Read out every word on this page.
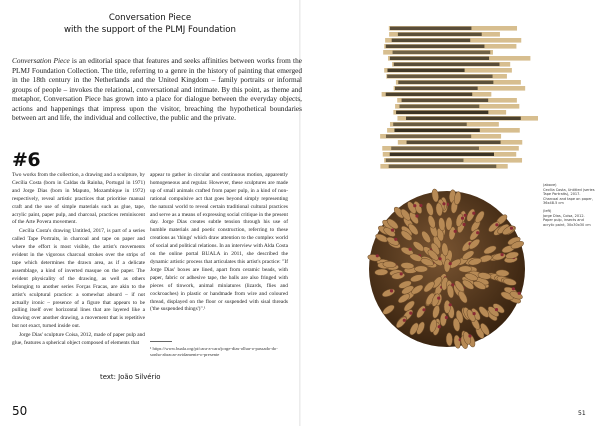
Conversation Piece
with the support of the PLMJ Foundation

Conversation Piece is an editorial space that features and seeks affinities between works from the PLMJ Foundation Collection. The title, referring to a genre in the history of painting that emerged in the 18th century in the Netherlands and the United Kingdom – family portraits or informal groups of people – invokes the relational, conversational and intimate. By this point, as theme and metaphor, Conversation Piece has grown into a place for dialogue between the everyday objects, actions and happenings that impress upon the visitor, breaching the hypothetical boundaries between art and life, the individual and collective, the public and the private.

#6

Two works from the collection, a drawing and a sculpture, by Cecília Costa (born in Caldas da Rainha, Portugal in 1971) and Jorge Dias (born in Maputo, Mozambique in 1972) respectively, reveal artistic practices that prioritise manual craft and the use of simple materials such as glue, tape, acrylic paint, paper pulp, and charcoal, practices reminiscent of the Arte Povera movement.

Cecília Costa's drawing Untitled, 2017, is part of a series called Tape Portraits, in charcoal and tape on paper and where the effort is most visible, the artist's movements evident in the vigorous charcoal strokes over the strips of tape which determines the drawn area, as if a delicate assemblage, a kind of inverted masque on the paper. The evident physicality of the drawing, as well as others belonging to another series Forças Fracas, are akin to the artist's sculptural practice: a somewhat absurd – if not actually ironic – presence of a figure that appears to be pulling itself over horizontal lines that are layered like a drawing over another drawing, a movement that is repetitive but not exact, turned inside out.

Jorge Dias' sculpture Coisa, 2012, made of paper pulp and glue, features a spherical object composed of elements that

appear to gather in circular and continuous motion, apparently homogeneous and regular. However, these sculptures are made up of small animals crafted from paper pulp, in a kind of non-rational compulsive act that goes beyond simply representing the natural world to reveal certain traditional cultural practices and serve as a means of expressing social critique in the present day. Jorge Dias creates subtle tension through his use of humble materials and poetic construction, referring to these creations as 'things' which draw attention to the complex world of social and political relations. In an interview with Alda Costa on the online portal BUALA in 2011, she described the dynamic artistic process that articulates this artist's practice: "If Jorge Dias' boxes are lined, apart from ceramic beads, with paper, fabric or adhesive tape, the balls are also fringed with pieces of tinwork, animal miniatures (lizards, flies and cockroaches) in plastic or handmade from wire and coloured thread, displayed on the floor or suspended with sisal threads ('the suspended things')".¹

¹ https://www.buala.org/pt/cara-a-cara/jorge-dias-olhar-o-passado-do-sonho-abracar-avidamente-o-presente

text: João Silvério
50	51

(above)
Cecília Costa, Untitled (series Tape Portraits), 2017. Charcoal and tape on paper, 36x48.5 cm

(left)
Jorge Dias, Coisa, 2012. Paper pulp, insects and acrylic paint, 30x30x30 cm
